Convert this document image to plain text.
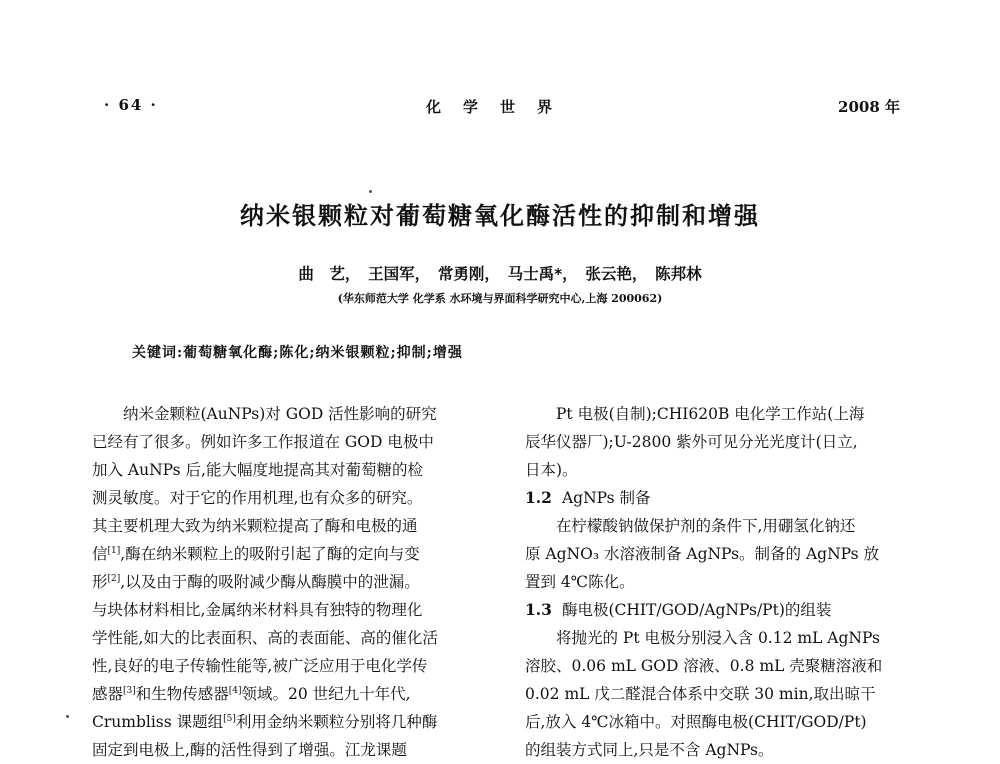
· 64 ·	化学世界	2008 年
纳米银颗粒对葡萄糖氧化酶活性的抑制和增强
曲　艺，　王国军，　常勇刚，　马士禹*，　张云艳，　陈邦林
(华东师范大学 化学系 水环境与界面科学研究中心,上海 200062)
关键词:葡萄糖氧化酶;陈化;纳米银颗粒;抑制;增强
纳米金颗粒(AuNPs)对 GOD 活性影响的研究
已经有了很多。例如许多工作报道在 GOD 电极中
加入 AuNPs 后,能大幅度地提高其对葡萄糖的检
测灵敏度。对于它的作用机理,也有众多的研究。
其主要机理大致为纳米颗粒提高了酶和电极的通
信[1],酶在纳米颗粒上的吸附引起了酶的定向与变
形[2],以及由于酶的吸附减少酶从酶膜中的泄漏。
与块体材料相比,金属纳米材料具有独特的物理化
学性能,如大的比表面积、高的表面能、高的催化活
性,良好的电子传输性能等,被广泛应用于电化学传
感器[3]和生物传感器[4]领域。20 世纪九十年代,
Crumbliss 课题组[5]利用金纳米颗粒分别将几种酶
固定到电极上,酶的活性得到了增强。江龙课题
Pt 电极(自制);CHI620B 电化学工作站(上海
辰华仪器厂);U-2800 紫外可见分光光度计(日立,
日本)。
1.2 AgNPs 制备
在柠檬酸钠做保护剂的条件下,用硼氢化钠还
原 AgNO₃ 水溶液制备 AgNPs。制备的 AgNPs 放
置到 4℃陈化。
1.3 酶电极(CHIT/GOD/AgNPs/Pt)的组装
将抛光的 Pt 电极分别浸入含 0.12 mL AgNPs
溶胶、0.06 mL GOD 溶液、0.8 mL 壳聚糖溶液和
0.02 mL 戊二醛混合体系中交联 30 min,取出晾干
后,放入 4℃冰箱中。对照酶电极(CHIT/GOD/Pt)
的组装方式同上,只是不含 AgNPs。
